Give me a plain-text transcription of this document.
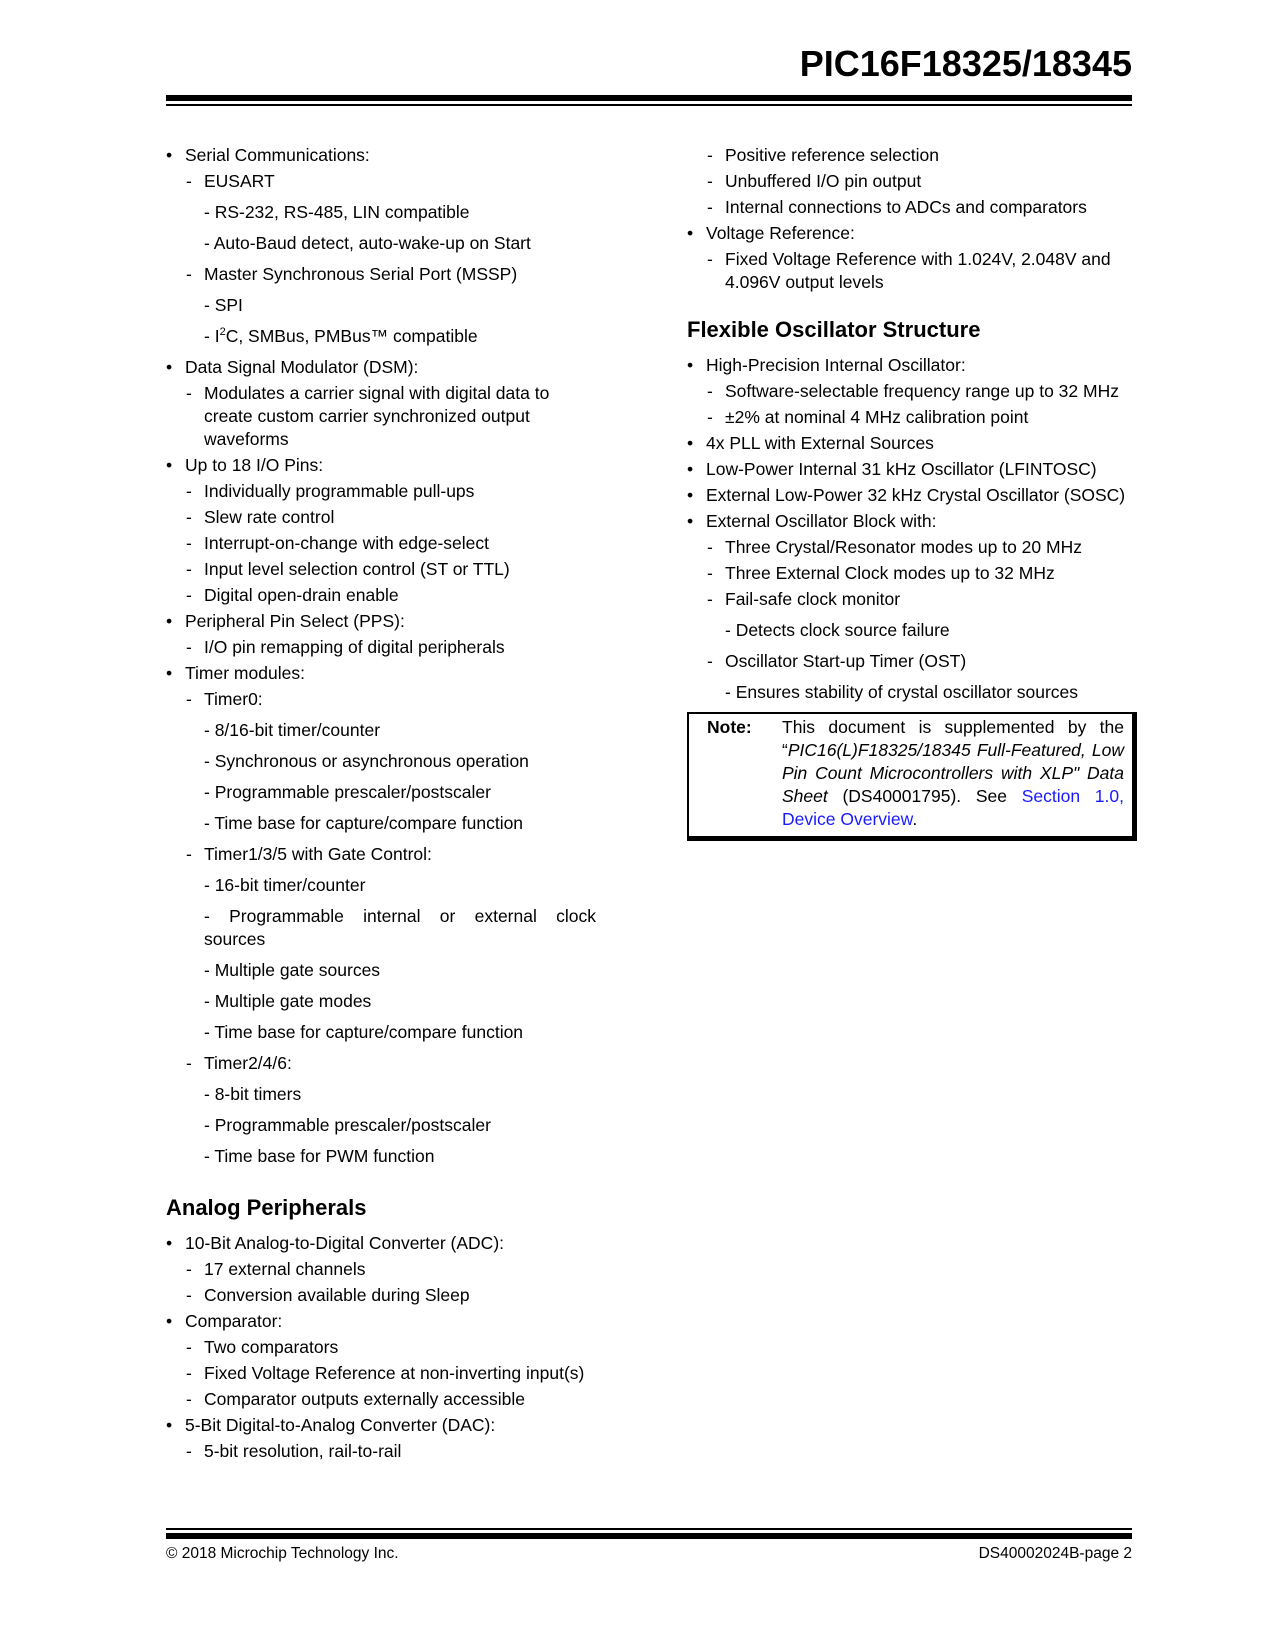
PIC16F18325/18345
• Serial Communications:
- EUSART
- RS-232, RS-485, LIN compatible
- Auto-Baud detect, auto-wake-up on Start
- Master Synchronous Serial Port (MSSP)
- SPI
- $I^2C$, SMBus, PMBus™ compatible
• Data Signal Modulator (DSM):
- Modulates a carrier signal with digital data to create custom carrier synchronized output waveforms
• Up to 18 I/O Pins:
- Individually programmable pull-ups
- Slew rate control
- Interrupt-on-change with edge-select
- Input level selection control (ST or TTL)
- Digital open-drain enable
• Peripheral Pin Select (PPS):
- I/O pin remapping of digital peripherals
• Timer modules:
- Timer0:
- 8/16-bit timer/counter
- Synchronous or asynchronous operation
- Programmable prescaler/postscaler
- Time base for capture/compare function
- Timer1/3/5 with Gate Control:
- 16-bit timer/counter
- Programmable internal or external clock
sources
- Multiple gate sources
- Multiple gate modes
- Time base for capture/compare function
- Timer2/4/6:
- 8-bit timers
- Programmable prescaler/postscaler
- Time base for PWM function
Analog Peripherals
• 10-Bit Analog-to-Digital Converter (ADC):
- 17 external channels
- Conversion available during Sleep
• Comparator:
- Two comparators
- Fixed Voltage Reference at non-inverting input(s)
- Comparator outputs externally accessible
• 5-Bit Digital-to-Analog Converter (DAC):
- 5-bit resolution, rail-to-rail
- Positive reference selection
- Unbuffered I/O pin output
- Internal connections to ADCs and comparators
• Voltage Reference:
- Fixed Voltage Reference with 1.024V, 2.048V and 4.096V output levels
Flexible Oscillator Structure
• High-Precision Internal Oscillator:
- Software-selectable frequency range up to 32 MHz
- ±2% at nominal 4 MHz calibration point
• 4x PLL with External Sources
• Low-Power Internal 31 kHz Oscillator (LFINTOSC)
• External Low-Power 32 kHz Crystal Oscillator (SOSC)
• External Oscillator Block with:
- Three Crystal/Resonator modes up to 20 MHz
- Three External Clock modes up to 32 MHz
- Fail-safe clock monitor
- Detects clock source failure
- Oscillator Start-up Timer (OST)
- Ensures stability of crystal oscillator sources
Note:	This document is supplemented by the “PIC16(L)F18325/18345 Full-Featured, Low Pin Count Microcontrollers with XLP" Data Sheet (DS40001795). See Section 1.0, Device Overview.
© 2018 Microchip Technology Inc.	DS40002024B-page 2
